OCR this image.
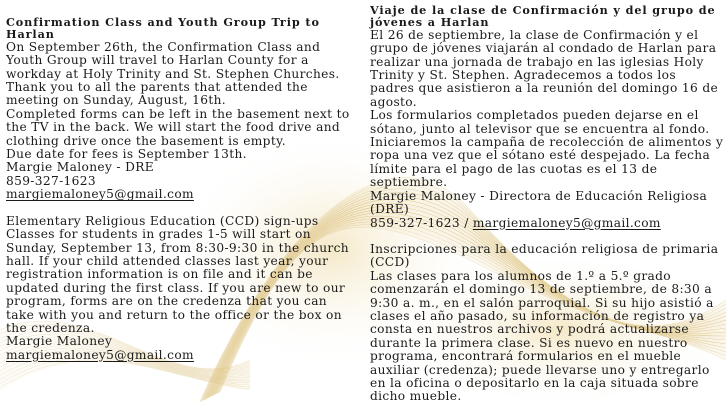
Confirmation Class and Youth Group Trip to Harlan

On September 26th, the Confirmation Class and Youth Group will travel to Harlan County for a workday at Holy Trinity and St. Stephen Churches. Thank you to all the parents that attended the meeting on Sunday, August, 16th.

Completed forms can be left in the basement next to the TV in the back. We will start the food drive and clothing drive once the basement is empty.

Due date for fees is September 13th.

Margie Maloney - DRE

859-327-1623

margiemaloney5@gmail.com

Elementary Religious Education (CCD) sign-ups

Classes for students in grades 1-5 will start on Sunday, September 13, from 8:30-9:30 in the church hall. If your child attended classes last year, your registration information is on file and it can be updated during the first class. If you are new to our program, forms are on the credenza that you can take with you and return to the office or the box on the credenza.

Margie Maloney

margiemaloney5@gmail.com

Viaje de la clase de Confirmación y del grupo de jóvenes a Harlan

El 26 de septiembre, la clase de Confirmación y el grupo de jóvenes viajarán al condado de Harlan para realizar una jornada de trabajo en las iglesias Holy Trinity y St. Stephen. Agradecemos a todos los padres que asistieron a la reunión del domingo 16 de agosto.

Los formularios completados pueden dejarse en el sótano, junto al televisor que se encuentra al fondo. Iniciaremos la campaña de recolección de alimentos y ropa una vez que el sótano esté despejado. La fecha límite para el pago de las cuotas es el 13 de septiembre.

Margie Maloney - Directora de Educación Religiosa (DRE)

859-327-1623 / margiemaloney5@gmail.com

Inscripciones para la educación religiosa de primaria (CCD)

Las clases para los alumnos de 1.º a 5.º grado comenzarán el domingo 13 de septiembre, de 8:30 a 9:30 a. m., en el salón parroquial. Si su hijo asistió a clases el año pasado, su información de registro ya consta en nuestros archivos y podrá actualizarse durante la primera clase. Si es nuevo en nuestro programa, encontrará formularios en el mueble auxiliar (credenza); puede llevarse uno y entregarlo en la oficina o depositarlo en la caja situada sobre dicho mueble.
